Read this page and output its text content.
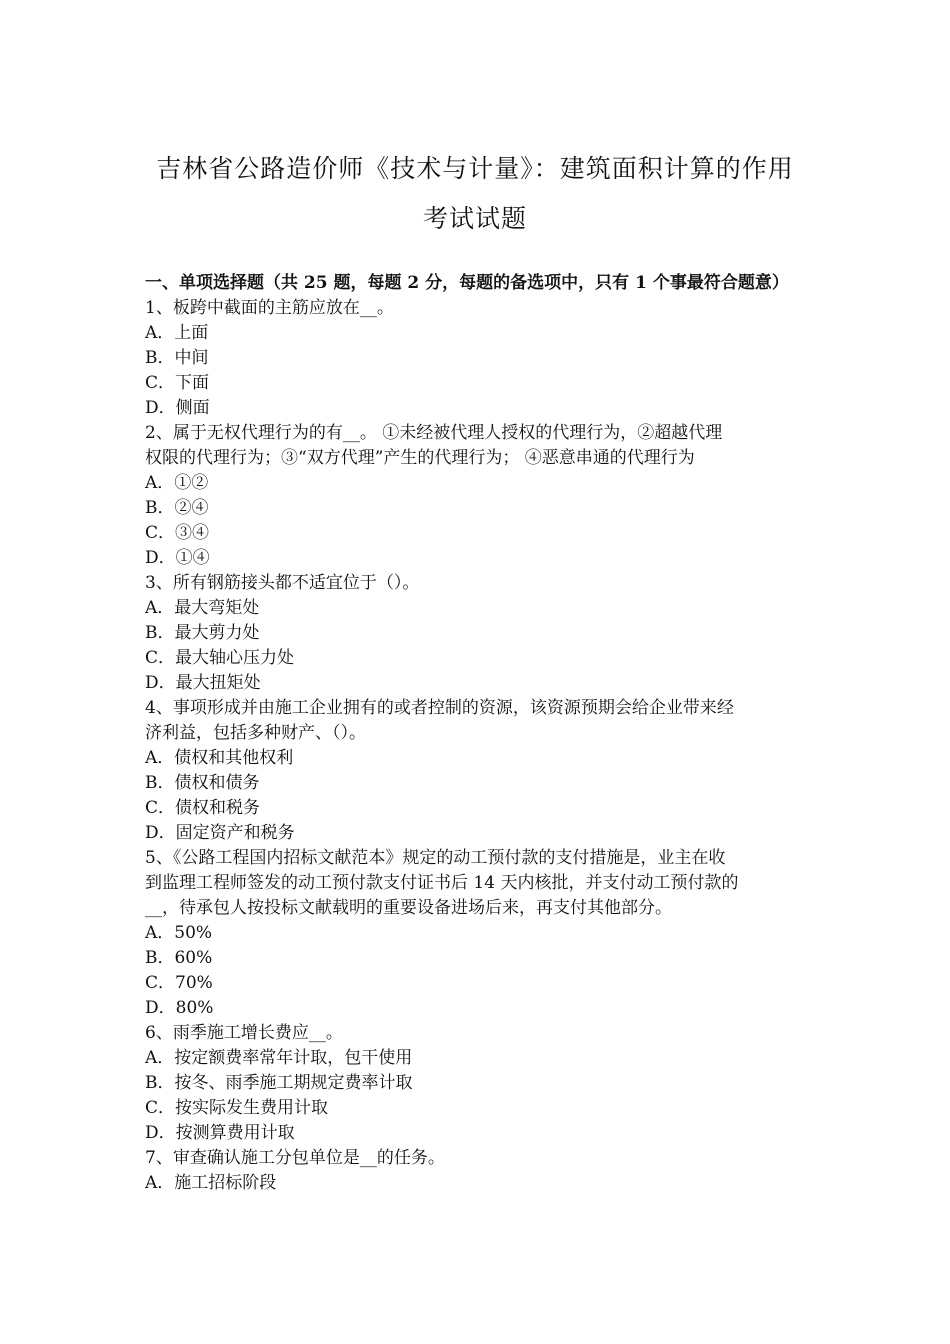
吉林省公路造价师《技术与计量》：建筑面积计算的作用
考试试题
一、单项选择题（共 25 题，每题 2 分，每题的备选项中，只有 1 个事最符合题意）
1、板跨中截面的主筋应放在__。
A．上面
B．中间
C．下面
D．侧面
2、属于无权代理行为的有__。 ①未经被代理人授权的代理行为，②超越代理
权限的代理行为；③“双方代理”产生的代理行为； ④恶意串通的代理行为
A．①②
B．②④
C．③④
D．①④
3、所有钢筋接头都不适宜位于（）。
A．最大弯矩处
B．最大剪力处
C．最大轴心压力处
D．最大扭矩处
4、事项形成并由施工企业拥有的或者控制的资源，该资源预期会给企业带来经
济利益，包括多种财产、（）。
A．债权和其他权利
B．债权和债务
C．债权和税务
D．固定资产和税务
5、《公路工程国内招标文献范本》规定的动工预付款的支付措施是，业主在收
到监理工程师签发的动工预付款支付证书后 14 天内核批，并支付动工预付款的
__，待承包人按投标文献载明的重要设备进场后来，再支付其他部分。
A．50%
B．60%
C．70%
D．80%
6、雨季施工增长费应__。
A．按定额费率常年计取，包干使用
B．按冬、雨季施工期规定费率计取
C．按实际发生费用计取
D．按测算费用计取
7、审查确认施工分包单位是__的任务。
A．施工招标阶段
